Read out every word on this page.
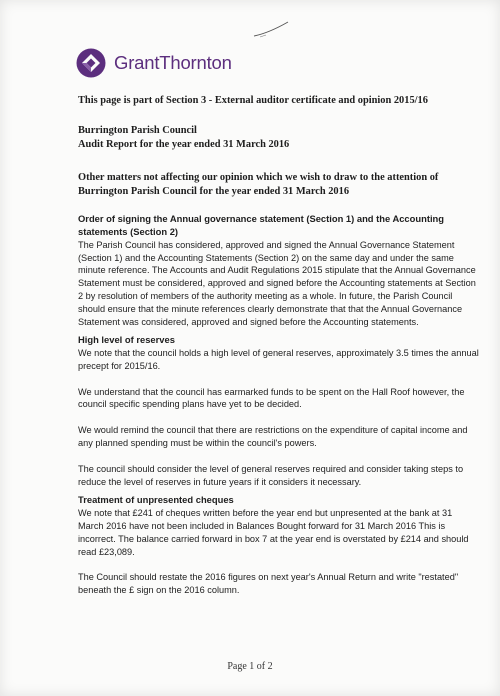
GrantThornton

This page is part of Section 3 - External auditor certificate and opinion 2015/16

Burrington Parish Council

Audit Report for the year ended 31 March 2016

Other matters not affecting our opinion which we wish to draw to the attention of Burrington Parish Council for the year ended 31 March 2016

Order of signing the Annual governance statement (Section 1) and the Accounting statements (Section 2)

The Parish Council has considered, approved and signed the Annual Governance Statement (Section 1) and the Accounting Statements (Section 2) on the same day and under the same minute reference. The Accounts and Audit Regulations 2015 stipulate that the Annual Governance Statement must be considered, approved and signed before the Accounting statements at Section 2 by resolution of members of the authority meeting as a whole. In future, the Parish Council should ensure that the minute references clearly demonstrate that that the Annual Governance Statement was considered, approved and signed before the Accounting statements.

High level of reserves

We note that the council holds a high level of general reserves, approximately 3.5 times the annual precept for 2015/16.

We understand that the council has earmarked funds to be spent on the Hall Roof however, the council specific spending plans have yet to be decided.

We would remind the council that there are restrictions on the expenditure of capital income and any planned spending must be within the council's powers.

The council should consider the level of general reserves required and consider taking steps to reduce the level of reserves in future years if it considers it necessary.

Treatment of unpresented cheques

We note that £241 of cheques written before the year end but unpresented at the bank at 31 March 2016 have not been included in Balances Bought forward for 31 March 2016 This is incorrect. The balance carried forward in box 7 at the year end is overstated by £214 and should read £23,089.

The Council should restate the 2016 figures on next year's Annual Return and write "restated" beneath the £ sign on the 2016 column.

Page 1 of 2
